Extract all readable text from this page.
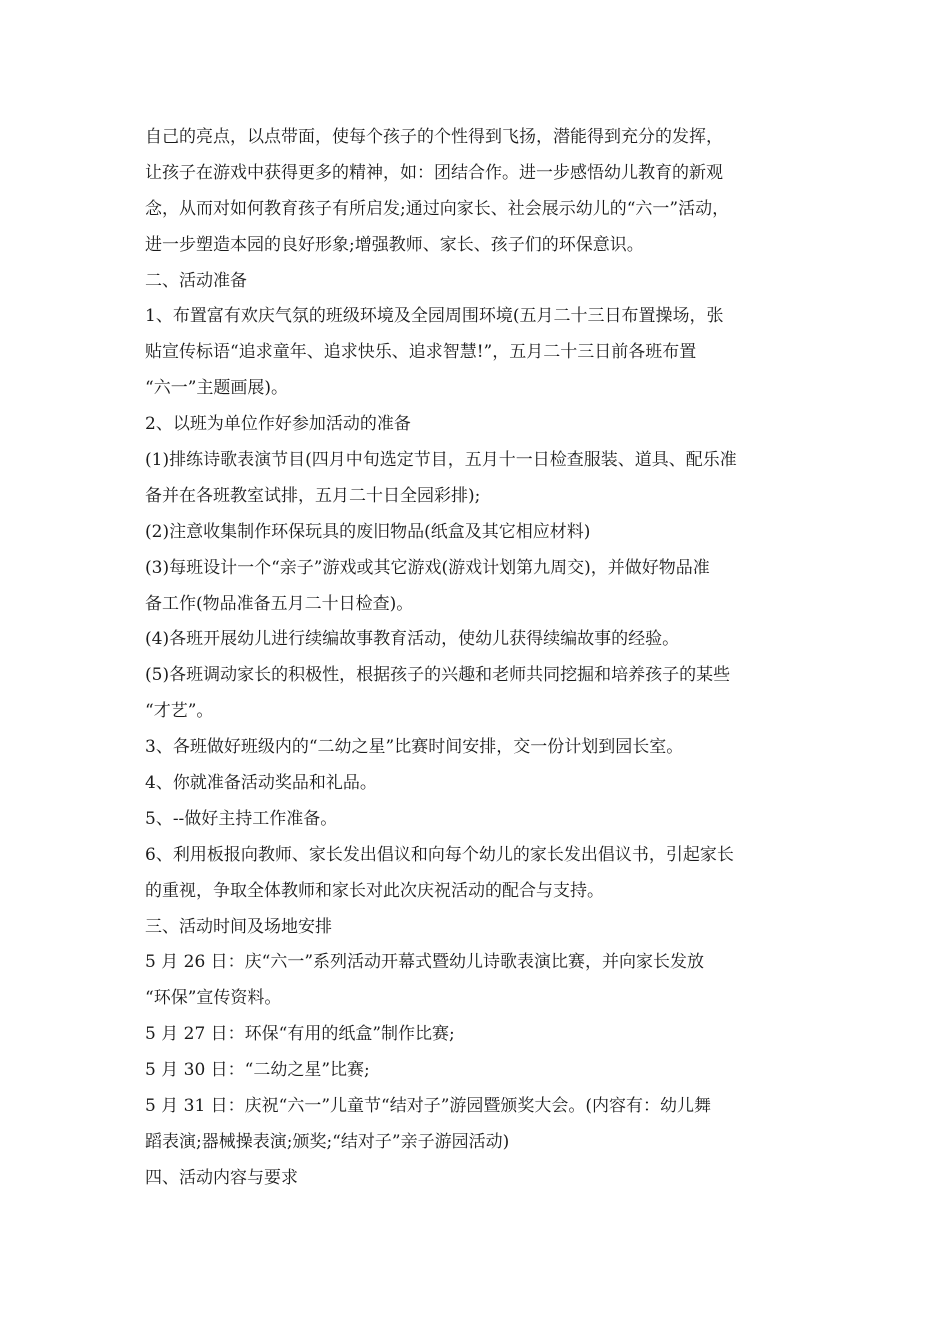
自己的亮点，以点带面，使每个孩子的个性得到飞扬，潜能得到充分的发挥，
让孩子在游戏中获得更多的精神，如：团结合作。进一步感悟幼儿教育的新观
念，从而对如何教育孩子有所启发;通过向家长、社会展示幼儿的“六一”活动，
进一步塑造本园的良好形象;增强教师、家长、孩子们的环保意识。
二、活动准备
1、布置富有欢庆气氛的班级环境及全园周围环境(五月二十三日布置操场，张
贴宣传标语“追求童年、追求快乐、追求智慧!”，五月二十三日前各班布置
“六一”主题画展)。
2、以班为单位作好参加活动的准备
(1)排练诗歌表演节目(四月中旬选定节目，五月十一日检查服装、道具、配乐准
备并在各班教室试排，五月二十日全园彩排);
(2)注意收集制作环保玩具的废旧物品(纸盒及其它相应材料)
(3)每班设计一个“亲子”游戏或其它游戏(游戏计划第九周交)，并做好物品准
备工作(物品准备五月二十日检查)。
(4)各班开展幼儿进行续编故事教育活动，使幼儿获得续编故事的经验。
(5)各班调动家长的积极性，根据孩子的兴趣和老师共同挖掘和培养孩子的某些
“才艺”。
3、各班做好班级内的“二幼之星”比赛时间安排，交一份计划到园长室。
4、你就准备活动奖品和礼品。
5、--做好主持工作准备。
6、利用板报向教师、家长发出倡议和向每个幼儿的家长发出倡议书，引起家长
的重视，争取全体教师和家长对此次庆祝活动的配合与支持。
三、活动时间及场地安排
5 月 26 日：庆“六一”系列活动开幕式暨幼儿诗歌表演比赛，并向家长发放
“环保”宣传资料。
5 月 27 日：环保“有用的纸盒”制作比赛;
5 月 30 日：“二幼之星”比赛;
5 月 31 日：庆祝“六一”儿童节“结对子”游园暨颁奖大会。(内容有：幼儿舞
蹈表演;器械操表演;颁奖;“结对子”亲子游园活动)
四、活动内容与要求
